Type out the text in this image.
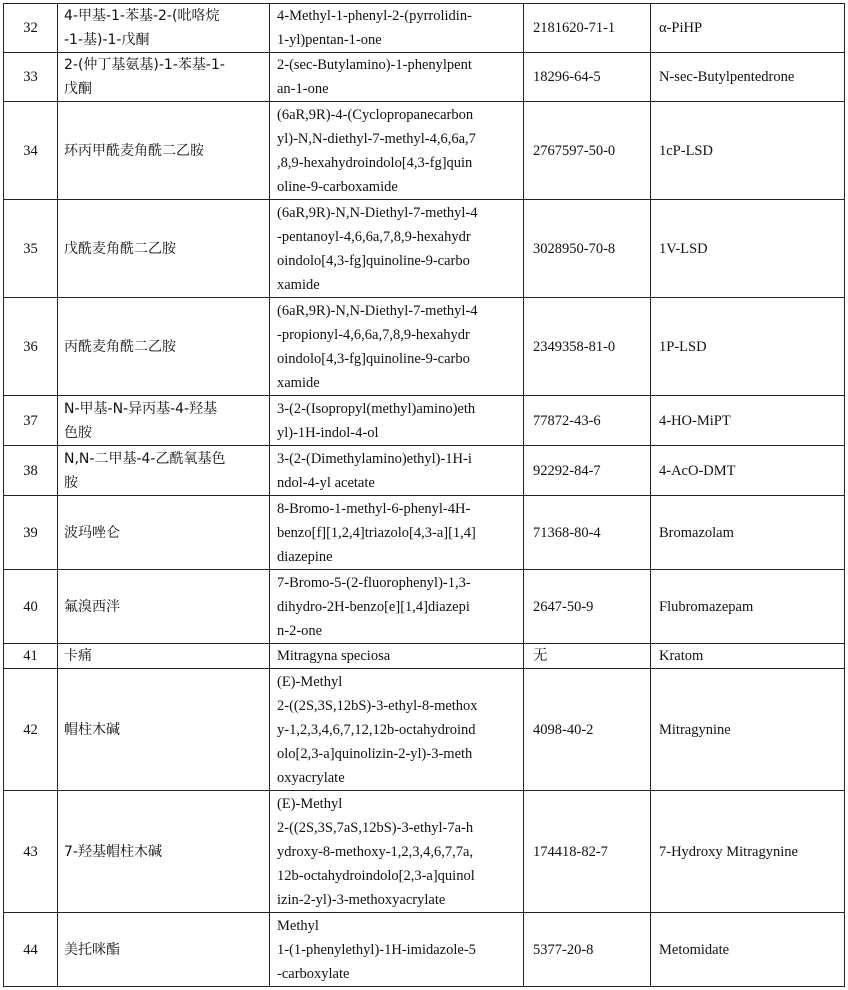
32	4-甲基-1-苯基-2-(吡咯烷
-1-基)-1-戊酮	4-Methyl-1-phenyl-2-(pyrrolidin-
1-yl)pentan-1-one	2181620-71-1	α-PiHP
33	2-(仲丁基氨基)-1-苯基-1-
戊酮	2-(sec-Butylamino)-1-phenylpent
an-1-one	18296-64-5	N-sec-Butylpentedrone
34	环丙甲酰麦角酰二乙胺	(6aR,9R)-4-(Cyclopropanecarbon
yl)-N,N-diethyl-7-methyl-4,6,6a,7
,8,9-hexahydroindolo[4,3-fg]quin
oline-9-carboxamide	2767597-50-0	1cP-LSD
35	戊酰麦角酰二乙胺	(6aR,9R)-N,N-Diethyl-7-methyl-4
-pentanoyl-4,6,6a,7,8,9-hexahydr
oindolo[4,3-fg]quinoline-9-carbo
xamide	3028950-70-8	1V-LSD
36	丙酰麦角酰二乙胺	(6aR,9R)-N,N-Diethyl-7-methyl-4
-propionyl-4,6,6a,7,8,9-hexahydr
oindolo[4,3-fg]quinoline-9-carbo
xamide	2349358-81-0	1P-LSD
37	N-甲基-N-异丙基-4-羟基
色胺	3-(2-(Isopropyl(methyl)amino)eth
yl)-1H-indol-4-ol	77872-43-6	4-HO-MiPT
38	N,N-二甲基-4-乙酰氧基色
胺	3-(2-(Dimethylamino)ethyl)-1H-i
ndol-4-yl acetate	92292-84-7	4-AcO-DMT
39	波玛唑仑	8-Bromo-1-methyl-6-phenyl-4H-
benzo[f][1,2,4]triazolo[4,3-a][1,4]
diazepine	71368-80-4	Bromazolam
40	氟溴西泮	7-Bromo-5-(2-fluorophenyl)-1,3-
dihydro-2H-benzo[e][1,4]diazepi
n-2-one	2647-50-9	Flubromazepam
41	卡痛	Mitragyna speciosa	无	Kratom
42	帽柱木碱	(E)-Methyl
2-((2S,3S,12bS)-3-ethyl-8-methox
y-1,2,3,4,6,7,12,12b-octahydroind
olo[2,3-a]quinolizin-2-yl)-3-meth
oxyacrylate	4098-40-2	Mitragynine
43	7-羟基帽柱木碱	(E)-Methyl
2-((2S,3S,7aS,12bS)-3-ethyl-7a-h
ydroxy-8-methoxy-1,2,3,4,6,7,7a,
12b-octahydroindolo[2,3-a]quinol
izin-2-yl)-3-methoxyacrylate	174418-82-7	7-Hydroxy Mitragynine
44	美托咪酯	Methyl
1-(1-phenylethyl)-1H-imidazole-5
-carboxylate	5377-20-8	Metomidate
